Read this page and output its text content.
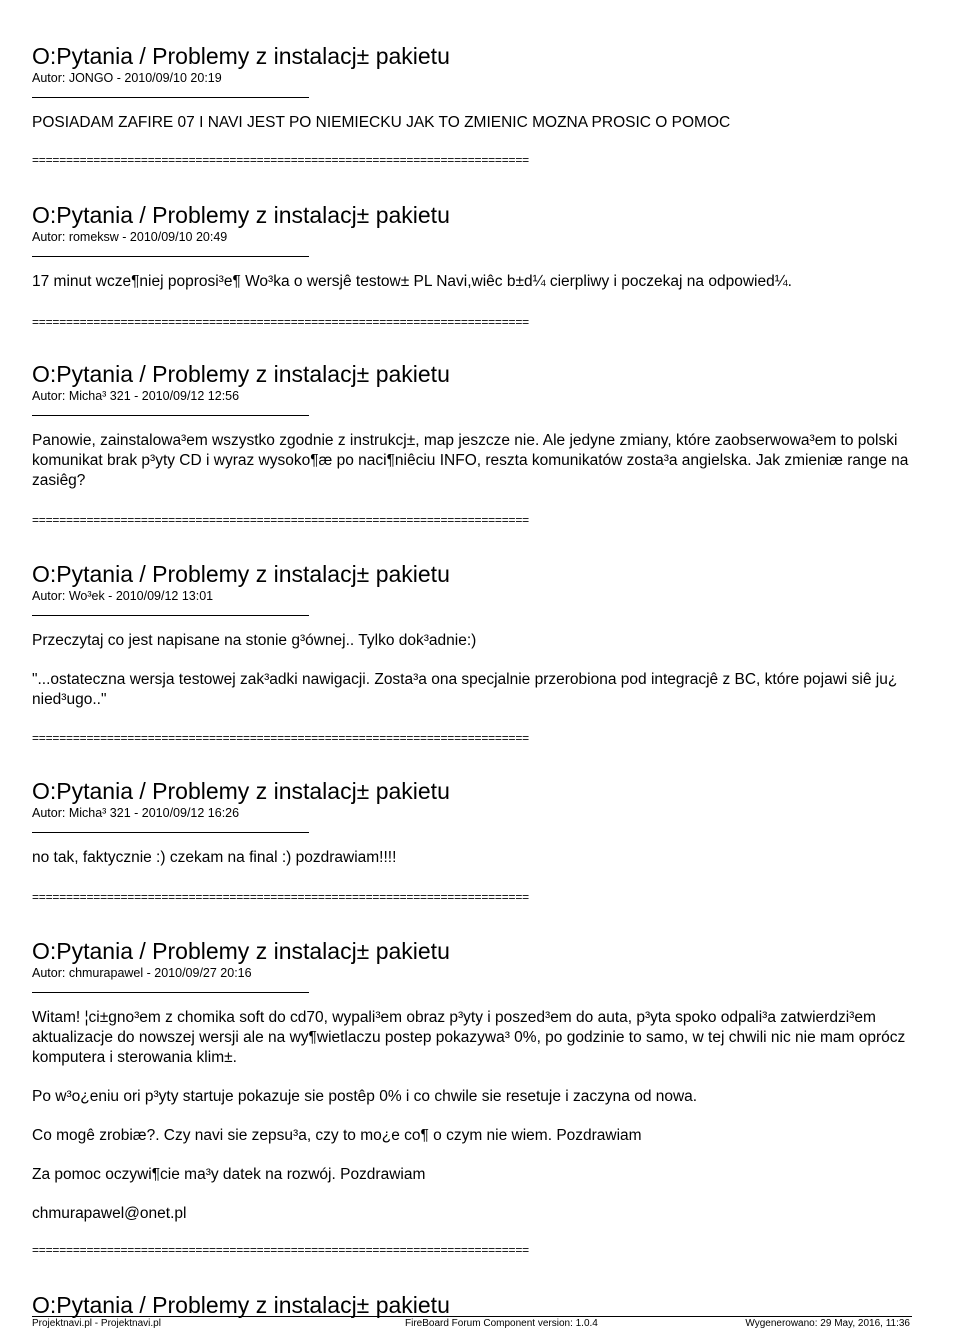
O:Pytania / Problemy z instalacj± pakietu
Autor: JONGO - 2010/09/10 20:19

POSIADAM ZAFIRE 07 I NAVI JEST PO NIEMIECKU JAK TO ZMIENIC MOZNA PROSIC O POMOC

=========================================================================
O:Pytania / Problemy z instalacj± pakietu
Autor: romeksw - 2010/09/10 20:49

17 minut wcze¶niej poprosi³e¶ Wo³ka o wersjê testow± PL Navi,wiêc b±d¼ cierpliwy i poczekaj na odpowied¼.

=========================================================================
O:Pytania / Problemy z instalacj± pakietu
Autor: Micha³ 321 - 2010/09/12 12:56

Panowie, zainstalowa³em wszystko zgodnie z instrukcj±, map jeszcze nie. Ale jedyne zmiany, które zaobserwowa³em to polski komunikat brak p³yty CD i wyraz wysoko¶æ po naci¶niêciu INFO, reszta komunikatów zosta³a angielska. Jak zmieniæ range na zasiêg?

=========================================================================
O:Pytania / Problemy z instalacj± pakietu
Autor: Wo³ek - 2010/09/12 13:01

Przeczytaj co jest napisane na stonie g³ównej.. Tylko dok³adnie:)

"...ostateczna wersja testowej zak³adki nawigacji. Zosta³a ona specjalnie przerobiona pod integracjê z BC, które pojawi siê ju¿ nied³ugo.."

=========================================================================
O:Pytania / Problemy z instalacj± pakietu
Autor: Micha³ 321 - 2010/09/12 16:26

no tak, faktycznie :) czekam na final :) pozdrawiam!!!!

=========================================================================
O:Pytania / Problemy z instalacj± pakietu
Autor: chmurapawel - 2010/09/27 20:16

Witam! ¦ci±gno³em z chomika soft do cd70, wypali³em obraz p³yty i poszed³em do auta, p³yta spoko odpali³a zatwierdzi³em aktualizacje do nowszej wersji ale na wy¶wietlaczu postep pokazywa³ 0%, po godzinie to samo, w tej chwili nic nie mam oprócz komputera i sterowania klim±.

Po w³o¿eniu ori p³yty startuje pokazuje sie postêp 0% i co chwile sie resetuje i zaczyna od nowa.

Co mogê zrobiæ?. Czy navi sie zepsu³a, czy to mo¿e co¶ o czym nie wiem. Pozdrawiam

Za pomoc oczywi¶cie ma³y datek na rozwój. Pozdrawiam

chmurapawel@onet.pl

=========================================================================
O:Pytania / Problemy z instalacj± pakietu
Projektnavi.pl - Projektnavi.pl	FireBoard Forum Component version: 1.0.4	Wygenerowano: 29 May, 2016, 11:36
